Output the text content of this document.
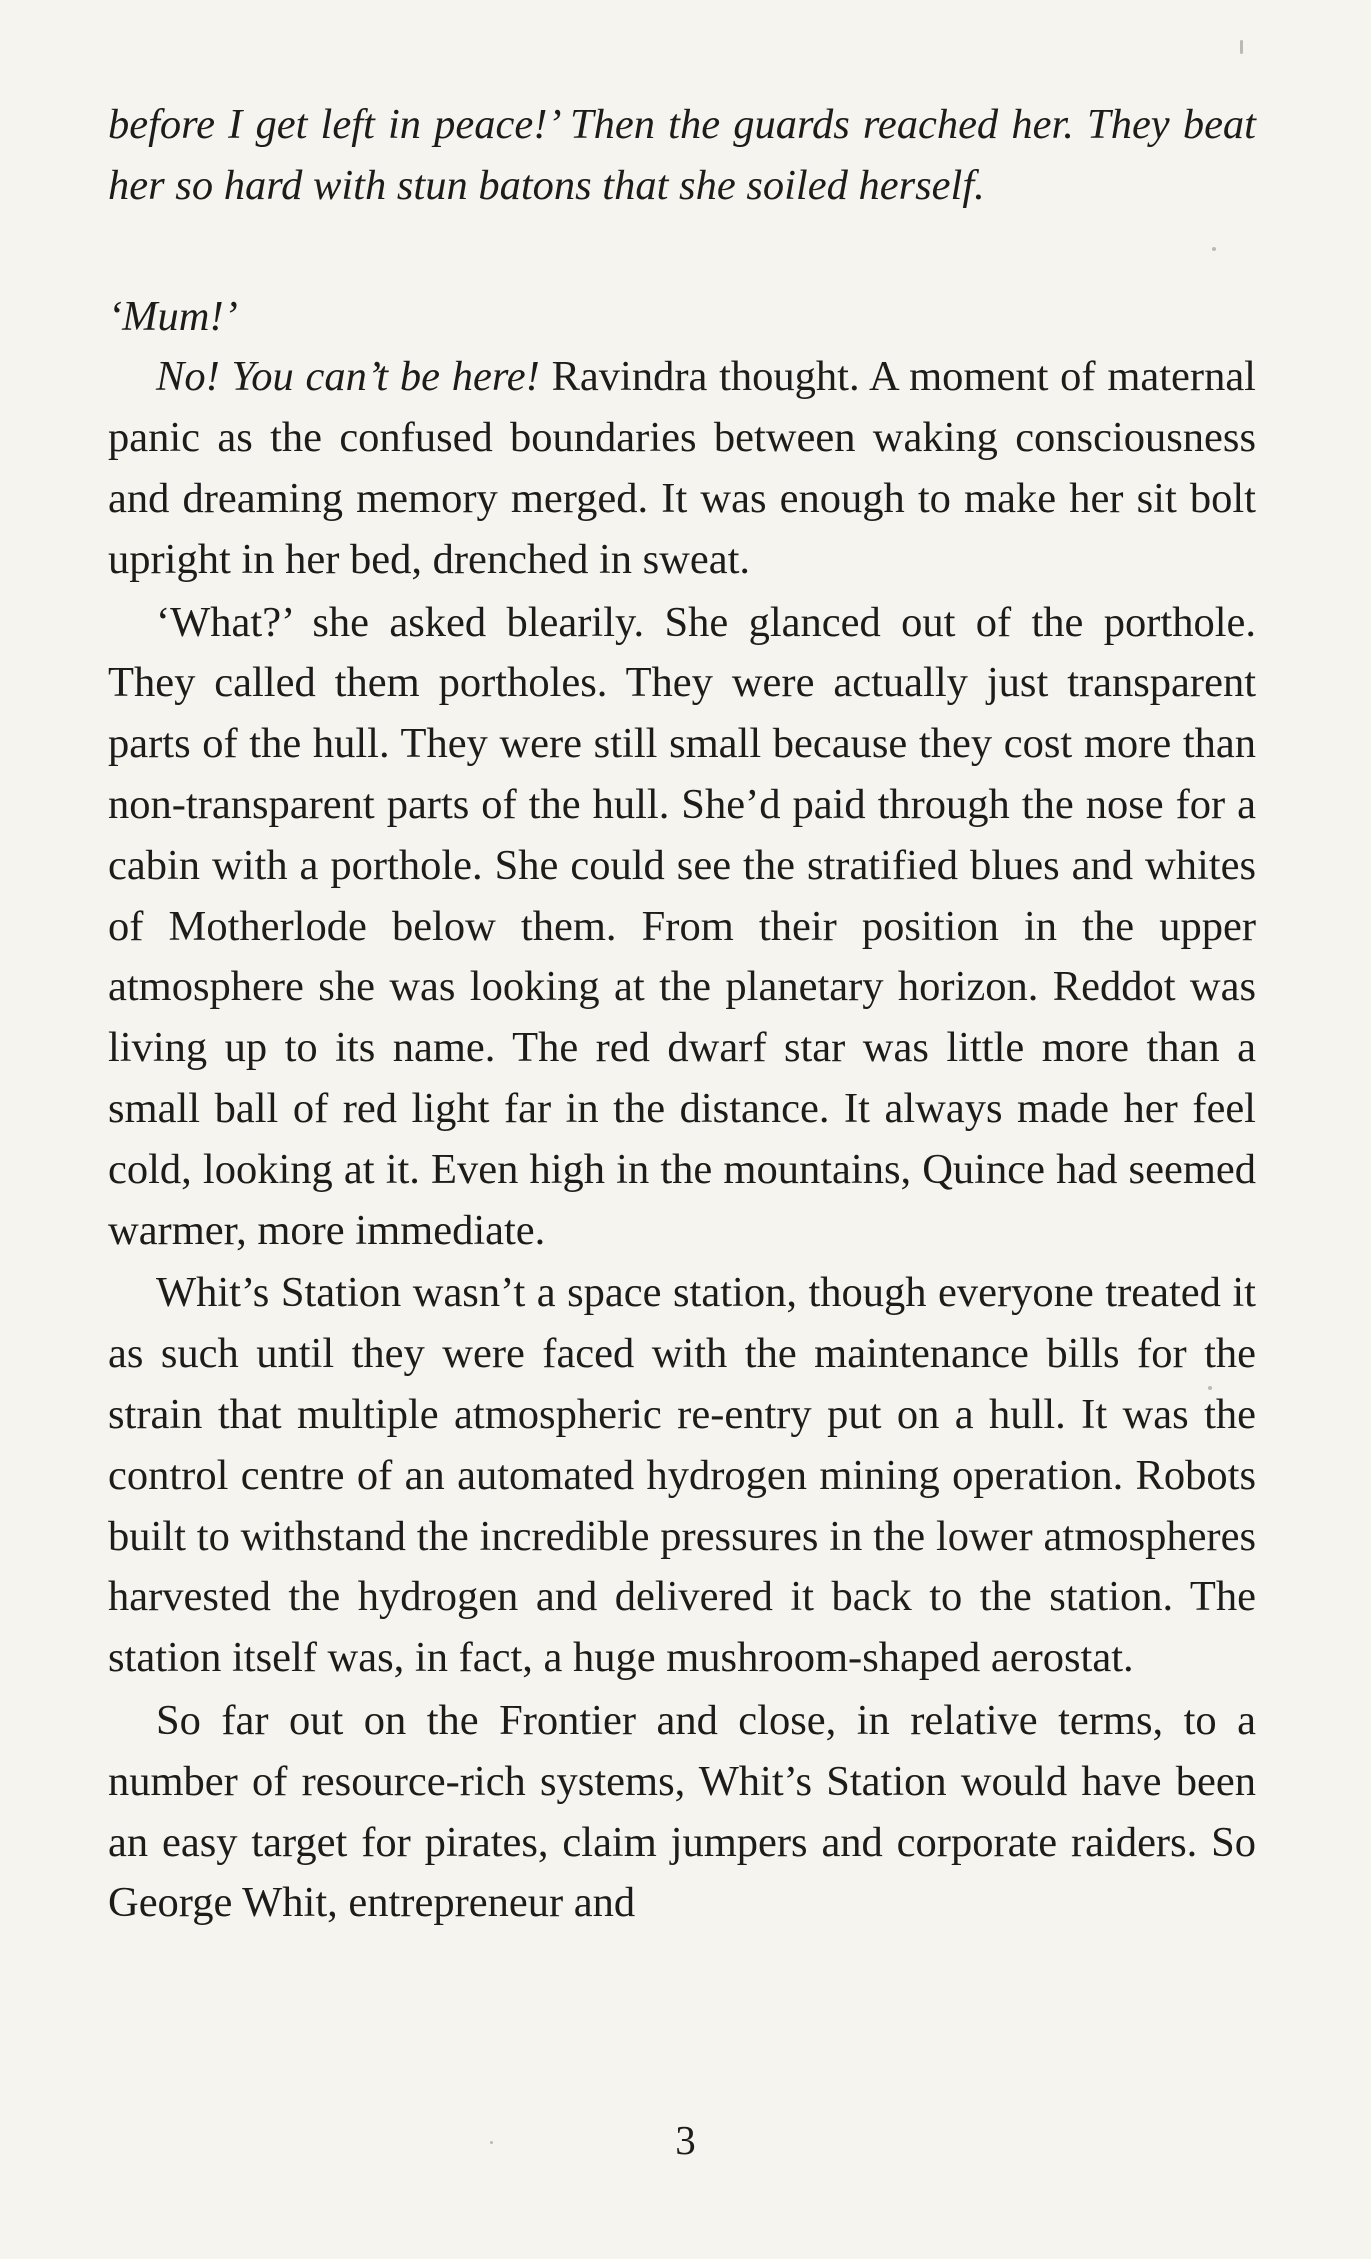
before I get left in peace!’ Then the guards reached her. They beat her so hard with stun batons that she soiled herself.

‘Mum!’

No! You can’t be here! Ravindra thought. A moment of maternal panic as the confused boundaries between waking consciousness and dreaming memory merged. It was enough to make her sit bolt upright in her bed, drenched in sweat.

‘What?’ she asked blearily. She glanced out of the porthole. They called them portholes. They were actually just transparent parts of the hull. They were still small because they cost more than non-transparent parts of the hull. She’d paid through the nose for a cabin with a porthole. She could see the stratified blues and whites of Motherlode below them. From their position in the upper atmosphere she was looking at the planetary horizon. Reddot was living up to its name. The red dwarf star was little more than a small ball of red light far in the distance. It always made her feel cold, looking at it. Even high in the mountains, Quince had seemed warmer, more immediate.

Whit’s Station wasn’t a space station, though everyone treated it as such until they were faced with the maintenance bills for the strain that multiple atmospheric re-entry put on a hull. It was the control centre of an automated hydrogen mining operation. Robots built to withstand the incredible pressures in the lower atmospheres harvested the hydrogen and delivered it back to the station. The station itself was, in fact, a huge mushroom-shaped aerostat.

So far out on the Frontier and close, in relative terms, to a number of resource-rich systems, Whit’s Station would have been an easy target for pirates, claim jumpers and corporate raiders. So George Whit, entrepreneur and

3
